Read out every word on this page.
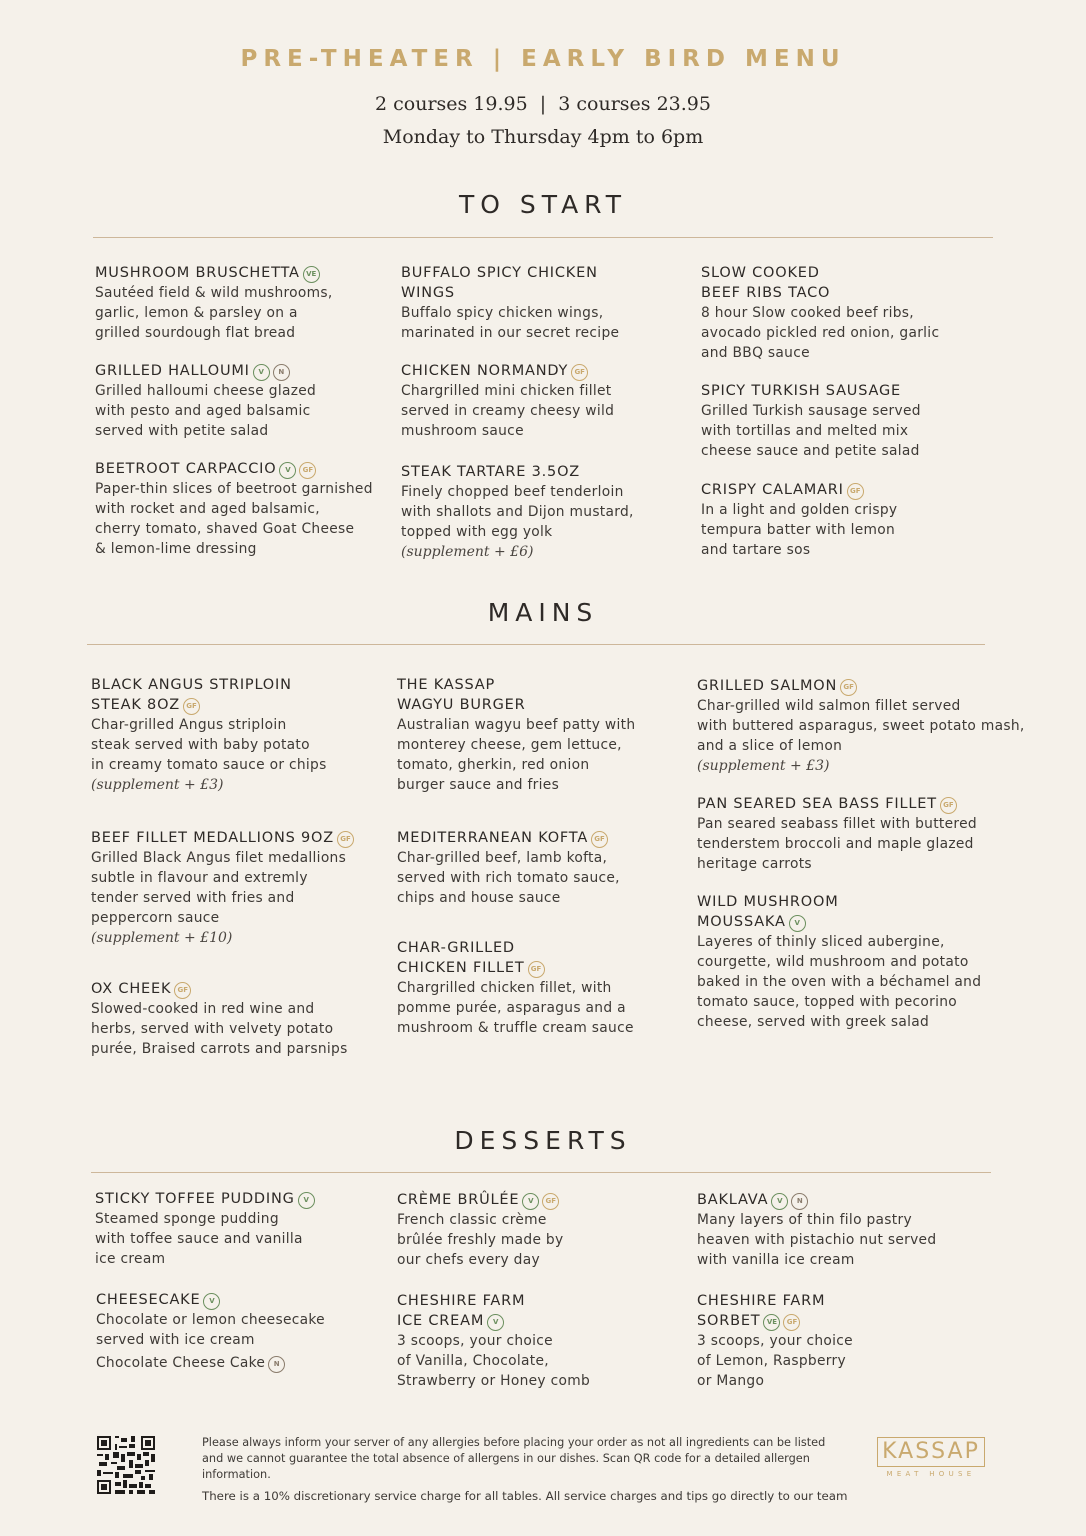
PRE-THEATER | EARLY BIRD MENU
2 courses 19.95  |  3 courses 23.95
Monday to Thursday 4pm to 6pm
TO START
MUSHROOM BRUSCHETTA VE
Sautéed field & wild mushrooms,
garlic, lemon & parsley on a
grilled sourdough flat bread
GRILLED HALLOUMI V N
Grilled halloumi cheese glazed
with pesto and aged balsamic
served with petite salad
BEETROOT CARPACCIO V GF
Paper-thin slices of beetroot garnished
with rocket and aged balsamic,
cherry tomato, shaved Goat Cheese
& lemon-lime dressing
BUFFALO SPICY CHICKEN
WINGS
Buffalo spicy chicken wings,
marinated in our secret recipe
CHICKEN NORMANDY GF
Chargrilled mini chicken fillet
served in creamy cheesy wild
mushroom sauce
STEAK TARTARE 3.5OZ
Finely chopped beef tenderloin
with shallots and Dijon mustard,
topped with egg yolk
(supplement + £6)
SLOW COOKED
BEEF RIBS TACO
8 hour Slow cooked beef ribs,
avocado pickled red onion, garlic
and BBQ sauce
SPICY TURKISH SAUSAGE
Grilled Turkish sausage served
with tortillas and melted mix
cheese sauce and petite salad
CRISPY CALAMARI GF
In a light and golden crispy
tempura batter with lemon
and tartare sos
MAINS
BLACK ANGUS STRIPLOIN
STEAK 8OZ GF
Char-grilled Angus striploin
steak served with baby potato
in creamy tomato sauce or chips
(supplement + £3)
BEEF FILLET MEDALLIONS 9OZ GF
Grilled Black Angus filet medallions
subtle in flavour and extremly
tender served with fries and
peppercorn sauce
(supplement + £10)
OX CHEEK GF
Slowed-cooked in red wine and
herbs, served with velvety potato
purée, Braised carrots and parsnips
THE KASSAP
WAGYU BURGER
Australian wagyu beef patty with
monterey cheese, gem lettuce,
tomato, gherkin, red onion
burger sauce and fries
MEDITERRANEAN KOFTA GF
Char-grilled beef, lamb kofta,
served with rich tomato sauce,
chips and house sauce
CHAR-GRILLED
CHICKEN FILLET GF
Chargrilled chicken fillet, with
pomme purée, asparagus and a
mushroom & truffle cream sauce
GRILLED SALMON GF
Char-grilled wild salmon fillet served
with buttered asparagus, sweet potato mash,
and a slice of lemon
(supplement + £3)
PAN SEARED SEA BASS FILLET GF
Pan seared seabass fillet with buttered
tenderstem broccoli and maple glazed
heritage carrots
WILD MUSHROOM
MOUSSAKA V
Layeres of thinly sliced aubergine,
courgette, wild mushroom and potato
baked in the oven with a béchamel and
tomato sauce, topped with pecorino
cheese, served with greek salad
DESSERTS
STICKY TOFFEE PUDDING V
Steamed sponge pudding
with toffee sauce and vanilla
ice cream
CHEESECAKE V
Chocolate or lemon cheesecake
served with ice cream
Chocolate Cheese Cake N
CRÈME BRÛLÉE V GF
French classic crème
brûlée freshly made by
our chefs every day
CHESHIRE FARM
ICE CREAM V
3 scoops, your choice
of Vanilla, Chocolate,
Strawberry or Honey comb
BAKLAVA V N
Many layers of thin filo pastry
heaven with pistachio nut served
with vanilla ice cream
CHESHIRE FARM
SORBET VE GF
3 scoops, your choice
of Lemon, Raspberry
or Mango
Please always inform your server of any allergies before placing your order as not all ingredients can be listed and we cannot guarantee the total absence of allergens in our dishes. Scan QR code for a detailed allergen information.
There is a 10% discretionary service charge for all tables. All service charges and tips go directly to our team
KASSAP
MEAT HOUSE
